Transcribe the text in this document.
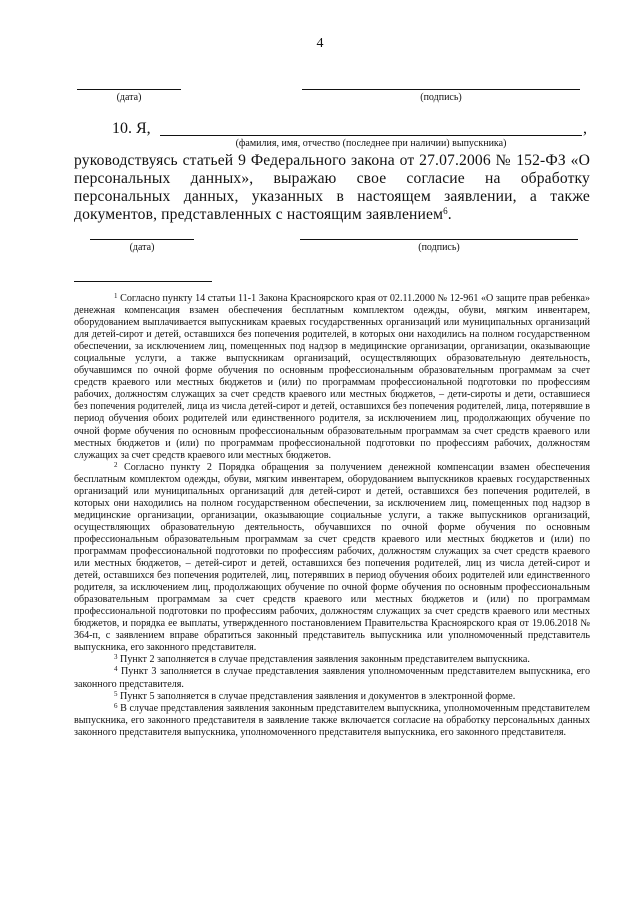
4
(дата)	(подпись)
10. Я,	,
(фамилия, имя, отчество (последнее при наличии) выпускника)
руководствуясь статьей 9 Федерального закона от 27.07.2006 № 152-ФЗ «О персональных данных», выражаю свое согласие на обработку персональных данных, указанных в настоящем заявлении, а также документов, представленных с настоящим заявлением$^6$.
(дата)	(подпись)

$^1$ Согласно пункту 14 статьи 11-1 Закона Красноярского края от 02.11.2000 № 12-961 «О защите прав ребенка» денежная компенсация взамен обеспечения бесплатным комплектом одежды, обуви, мягким инвентарем, оборудованием выплачивается выпускникам краевых государственных организаций или муниципальных организаций для детей-сирот и детей, оставшихся без попечения родителей, в которых они находились на полном государственном обеспечении, за исключением лиц, помещенных под надзор в медицинские организации, организации, оказывающие социальные услуги, а также выпускникам организаций, осуществляющих образовательную деятельность, обучавшимся по очной форме обучения по основным профессиональным образовательным программам за счет средств краевого или местных бюджетов и (или) по программам профессиональной подготовки по профессиям рабочих, должностям служащих за счет средств краевого или местных бюджетов, – дети-сироты и дети, оставшиеся без попечения родителей, лица из числа детей-сирот и детей, оставшихся без попечения родителей, лица, потерявшие в период обучения обоих родителей или единственного родителя, за исключением лиц, продолжающих обучение по очной форме обучения по основным профессиональным образовательным программам за счет средств краевого или местных бюджетов и (или) по программам профессиональной подготовки по профессиям рабочих, должностям служащих за счет средств краевого или местных бюджетов.

$^2$ Согласно пункту 2 Порядка обращения за получением денежной компенсации взамен обеспечения бесплатным комплектом одежды, обуви, мягким инвентарем, оборудованием выпускников краевых государственных организаций или муниципальных организаций для детей-сирот и детей, оставшихся без попечения родителей, в которых они находились на полном государственном обеспечении, за исключением лиц, помещенных под надзор в медицинские организации, организации, оказывающие социальные услуги, а также выпускников организаций, осуществляющих образовательную деятельность, обучавшихся по очной форме обучения по основным профессиональным образовательным программам за счет средств краевого или местных бюджетов и (или) по программам профессиональной подготовки по профессиям рабочих, должностям служащих за счет средств краевого или местных бюджетов, – детей-сирот и детей, оставшихся без попечения родителей, лиц из числа детей-сирот и детей, оставшихся без попечения родителей, лиц, потерявших в период обучения обоих родителей или единственного родителя, за исключением лиц, продолжающих обучение по очной форме обучения по основным профессиональным образовательным программам за счет средств краевого или местных бюджетов и (или) по программам профессиональной подготовки по профессиям рабочих, должностям служащих за счет средств краевого или местных бюджетов, и порядка ее выплаты, утвержденного постановлением Правительства Красноярского края от 19.06.2018 № 364-п, с заявлением вправе обратиться законный представитель выпускника или уполномоченный представитель выпускника, его законного представителя.

$^3$ Пункт 2 заполняется в случае представления заявления законным представителем выпускника.

$^4$ Пункт 3 заполняется в случае представления заявления уполномоченным представителем выпускника, его законного представителя.

$^5$ Пункт 5 заполняется в случае представления заявления и документов в электронной форме.

$^6$ В случае представления заявления законным представителем выпускника, уполномоченным представителем выпускника, его законного представителя в заявление также включается согласие на обработку персональных данных законного представителя выпускника, уполномоченного представителя выпускника, его законного представителя.
